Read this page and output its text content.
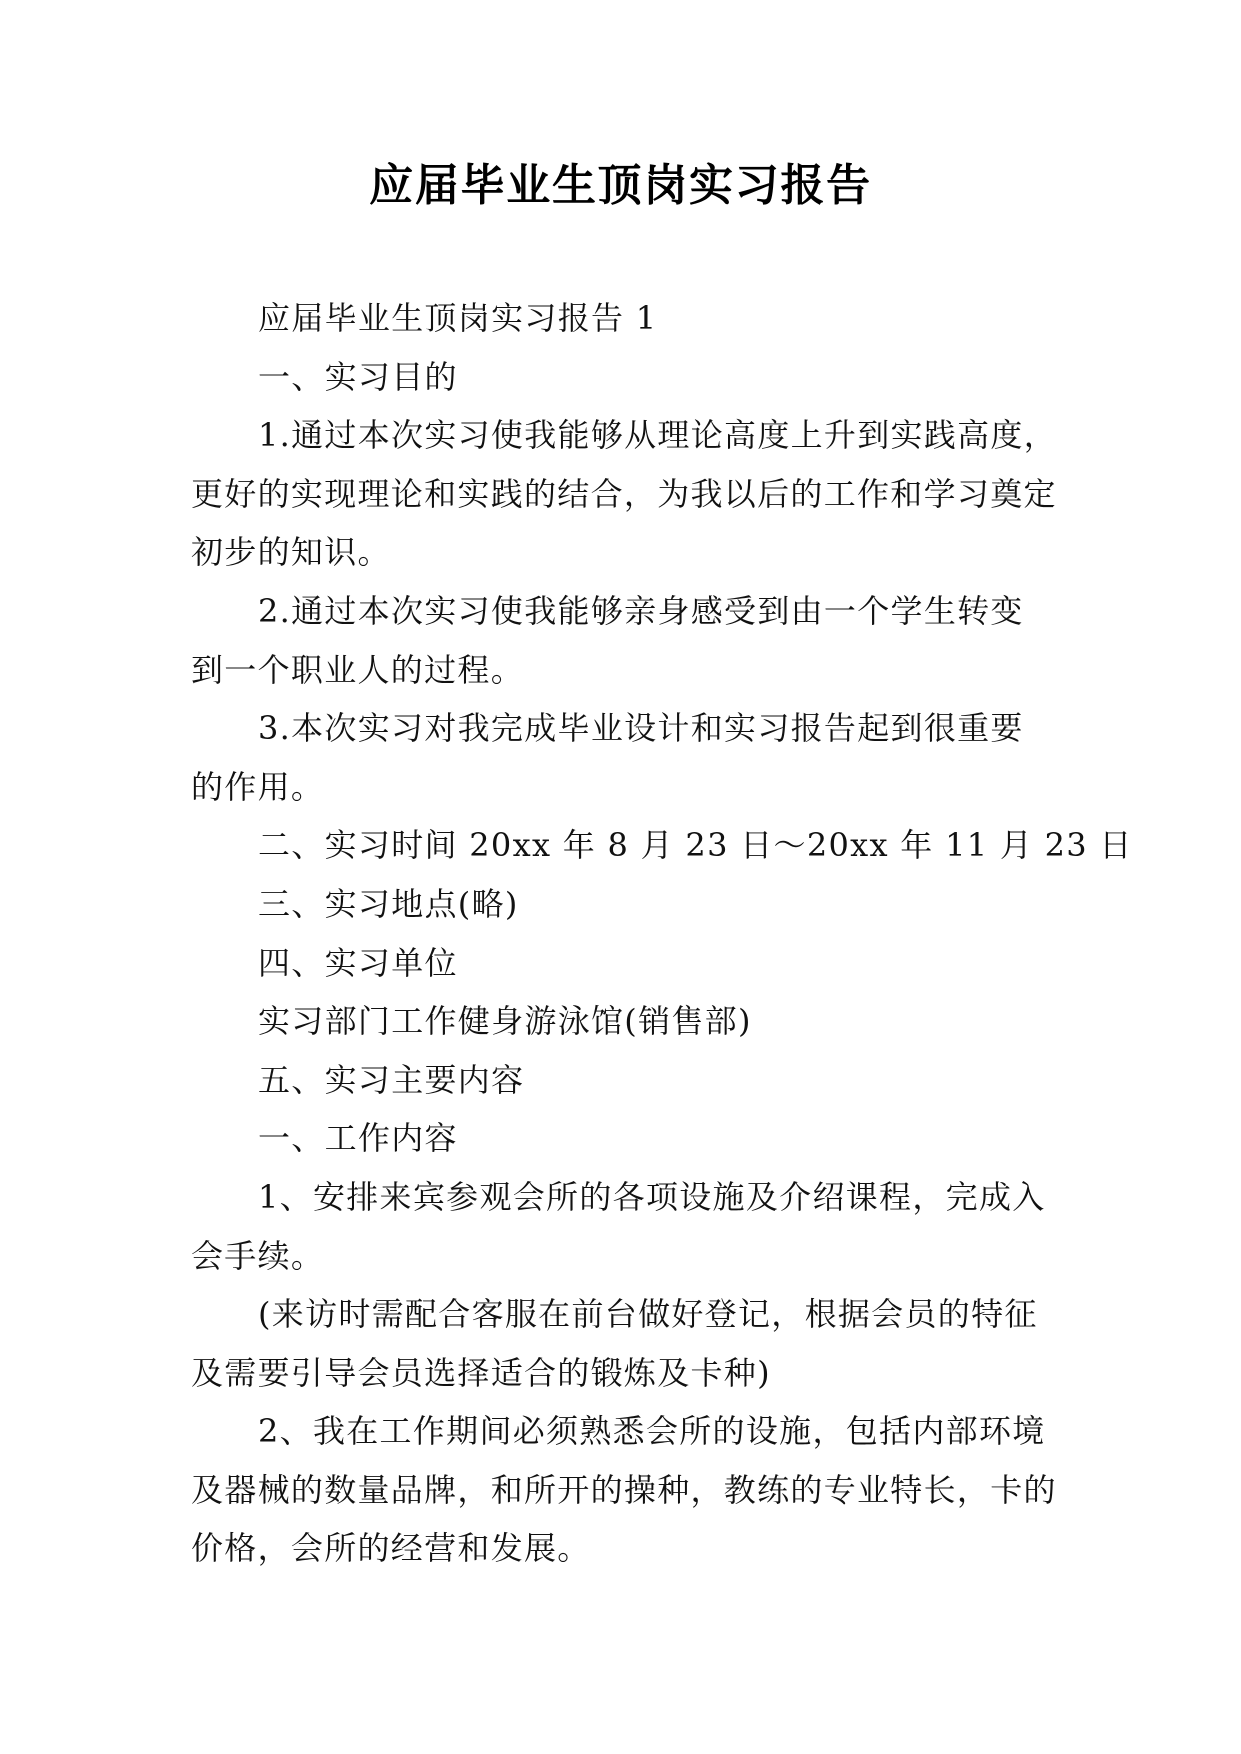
应届毕业生顶岗实习报告
应届毕业生顶岗实习报告 1
一、实习目的
1.通过本次实习使我能够从理论高度上升到实践高度，
更好的实现理论和实践的结合，为我以后的工作和学习奠定
初步的知识。
2.通过本次实习使我能够亲身感受到由一个学生转变
到一个职业人的过程。
3.本次实习对我完成毕业设计和实习报告起到很重要
的作用。
二、实习时间 20xx 年 8 月 23 日～20xx 年 11 月 23 日
三、实习地点(略)
四、实习单位
实习部门工作健身游泳馆(销售部)
五、实习主要内容
一、工作内容
1、安排来宾参观会所的各项设施及介绍课程，完成入
会手续。
(来访时需配合客服在前台做好登记，根据会员的特征
及需要引导会员选择适合的锻炼及卡种)
2、我在工作期间必须熟悉会所的设施，包括内部环境
及器械的数量品牌，和所开的操种，教练的专业特长，卡的
价格，会所的经营和发展。
